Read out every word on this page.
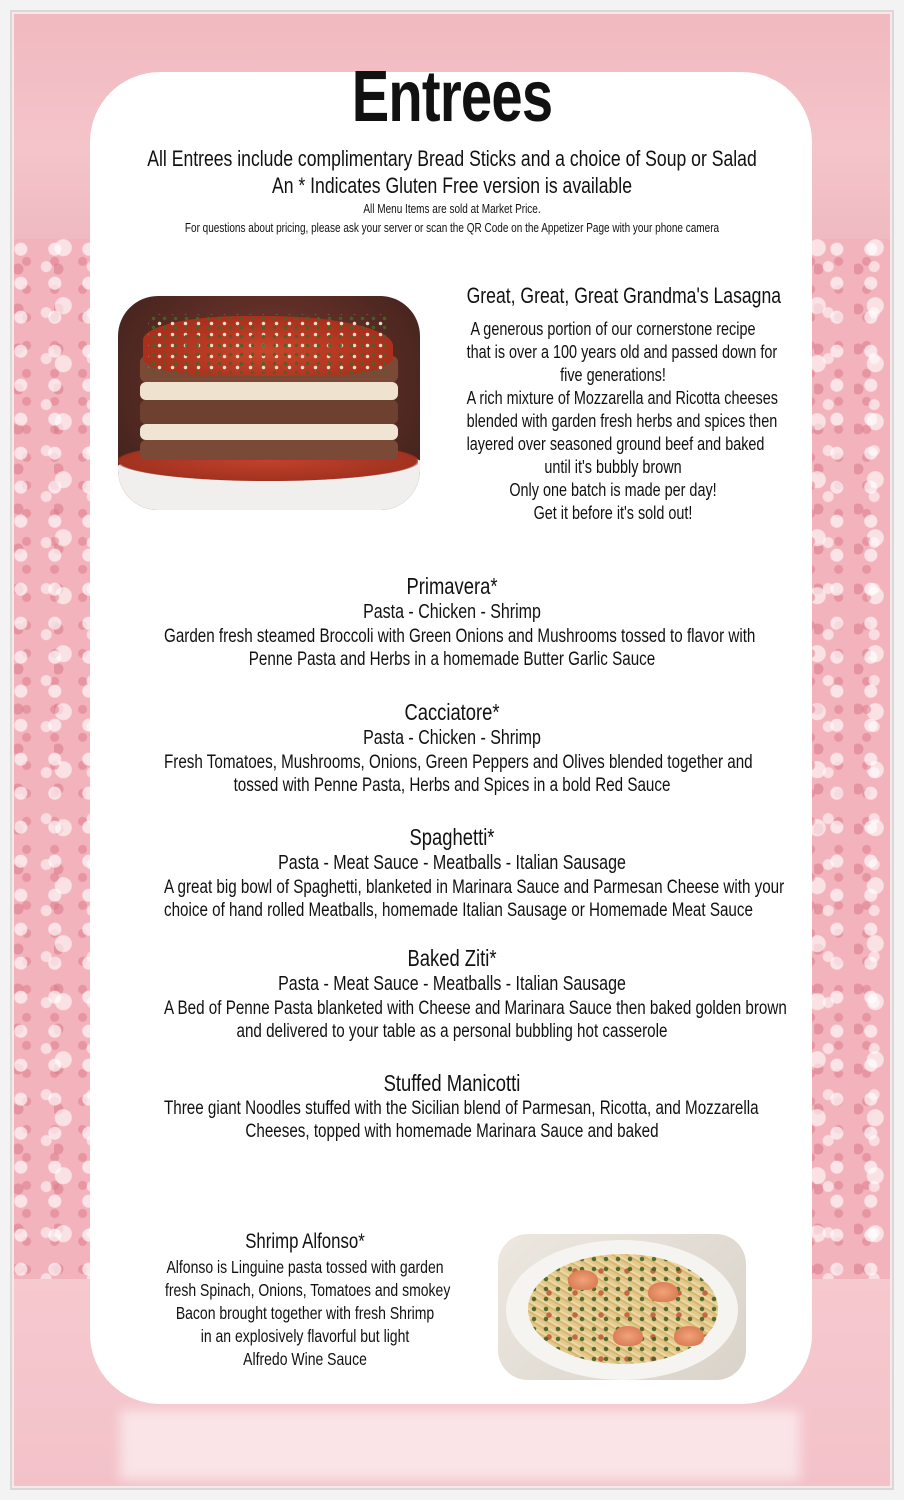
Entrees
All Entrees include complimentary Bread Sticks and a choice of Soup or Salad
An * Indicates Gluten Free version is available
All Menu Items are sold at Market Price.
For questions about pricing, please ask your server or scan the QR Code on the Appetizer Page with your phone camera
Great, Great, Great Grandma's Lasagna
A generous portion of our cornerstone recipe
that is over a 100 years old and passed down for
five generations!
A rich mixture of Mozzarella and Ricotta cheeses
blended with garden fresh herbs and spices then
layered over seasoned ground beef and baked
until it's bubbly brown
Only one batch is made per day!
Get it before it's sold out!
Primavera*
Pasta - Chicken - Shrimp
Garden fresh steamed Broccoli with Green Onions and Mushrooms tossed to flavor with
Penne Pasta and Herbs in a homemade Butter Garlic Sauce
Cacciatore*
Pasta - Chicken - Shrimp
Fresh Tomatoes, Mushrooms, Onions, Green Peppers and Olives blended together and
tossed with Penne Pasta, Herbs and Spices in a bold Red Sauce
Spaghetti*
Pasta - Meat Sauce - Meatballs - Italian Sausage
A great big bowl of Spaghetti, blanketed in Marinara Sauce and Parmesan Cheese with your
choice of hand rolled Meatballs, homemade Italian Sausage or Homemade Meat Sauce
Baked Ziti*
Pasta - Meat Sauce - Meatballs - Italian Sausage
A Bed of Penne Pasta blanketed with Cheese and Marinara Sauce then baked golden brown
and delivered to your table as a personal bubbling hot casserole
Stuffed Manicotti
Three giant Noodles stuffed with the Sicilian blend of Parmesan, Ricotta, and Mozzarella
Cheeses, topped with homemade Marinara Sauce and baked
Shrimp Alfonso*
Alfonso is Linguine pasta tossed with garden
fresh Spinach, Onions, Tomatoes and smokey
Bacon brought together with fresh Shrimp
in an explosively flavorful but light
Alfredo Wine Sauce
